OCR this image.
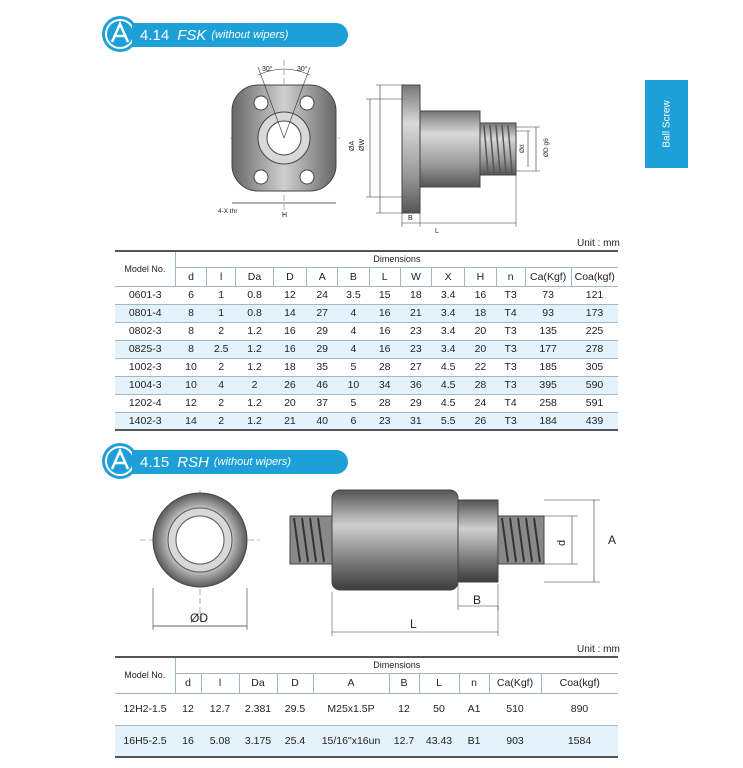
Ball Screw
4.14 FSK (without wipers)
30°	30°
4-X thr
H
ØA ØW	Ød	ØD g6
B
L
Unit : mm
Model No.	Dimensions												
	d	l	Da	D	A	B	L	W	X	H	n	Ca(Kgf)	Coa(kgf)
0601-3	6	1	0.8	12	24	3.5	15	18	3.4	16	T3	73	121
0801-4	8	1	0.8	14	27	4	16	21	3.4	18	T4	93	173
0802-3	8	2	1.2	16	29	4	16	23	3.4	20	T3	135	225
0825-3	8	2.5	1.2	16	29	4	16	23	3.4	20	T3	177	278
1002-3	10	2	1.2	18	35	5	28	27	4.5	22	T3	185	305
1004-3	10	4	2	26	46	10	34	36	4.5	28	T3	395	590
1202-4	12	2	1.2	20	37	5	28	29	4.5	24	T4	258	591
1402-3	14	2	1.2	21	40	6	23	31	5.5	26	T3	184	439
4.15 RSH (without wipers)
ØD
B
L
d	A
Unit : mm
Model No.	Dimensions									
	d	l	Da	D	A	B	L	n	Ca(Kgf)	Coa(kgf)
12H2-1.5	12	12.7	2.381	29.5	M25x1.5P	12	50	A1	510	890
16H5-2.5	16	5.08	3.175	25.4	15/16"x16un	12.7	43.43	B1	903	1584
